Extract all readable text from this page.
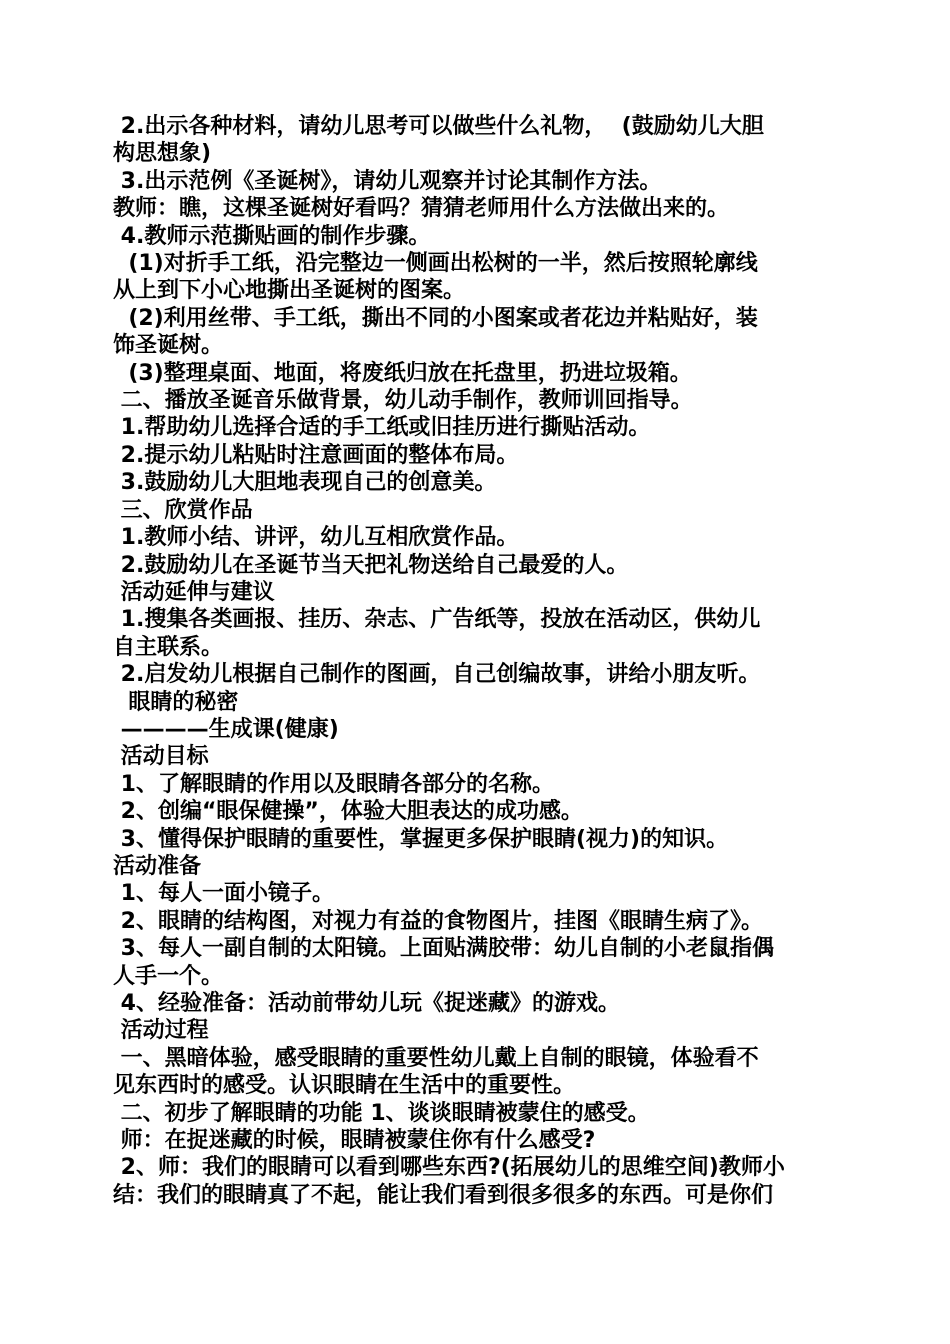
2.出示各种材料，请幼儿思考可以做些什么礼物，  (鼓励幼儿大胆
构思想象)
3.出示范例《圣诞树》，请幼儿观察并讨论其制作方法。
教师：瞧，这棵圣诞树好看吗？猜猜老师用什么方法做出来的。
4.教师示范撕贴画的制作步骤。
(1)对折手工纸，沿完整边一侧画出松树的一半，然后按照轮廓线
从上到下小心地撕出圣诞树的图案。
(2)利用丝带、手工纸，撕出不同的小图案或者花边并粘贴好，装
饰圣诞树。
(3)整理桌面、地面，将废纸归放在托盘里，扔进垃圾箱。
二、播放圣诞音乐做背景，幼儿动手制作，教师训回指导。
1.帮助幼儿选择合适的手工纸或旧挂历进行撕贴活动。
2.提示幼儿粘贴时注意画面的整体布局。
3.鼓励幼儿大胆地表现自己的创意美。
三、欣赏作品
1.教师小结、讲评，幼儿互相欣赏作品。
2.鼓励幼儿在圣诞节当天把礼物送给自己最爱的人。
活动延伸与建议
1.搜集各类画报、挂历、杂志、广告纸等，投放在活动区，供幼儿
自主联系。
2.启发幼儿根据自己制作的图画，自己创编故事，讲给小朋友听。
眼睛的秘密
————生成课(健康)
活动目标
1、了解眼睛的作用以及眼睛各部分的名称。
2、创编“眼保健操”，体验大胆表达的成功感。
3、懂得保护眼睛的重要性，掌握更多保护眼睛(视力)的知识。
活动准备
1、每人一面小镜子。
2、眼睛的结构图，对视力有益的食物图片，挂图《眼睛生病了》。
3、每人一副自制的太阳镜。上面贴满胶带：幼儿自制的小老鼠指偶
人手一个。
4、经验准备：活动前带幼儿玩《捉迷藏》的游戏。
活动过程
一、黑暗体验，感受眼睛的重要性幼儿戴上自制的眼镜，体验看不
见东西时的感受。认识眼睛在生活中的重要性。
二、初步了解眼睛的功能 1、谈谈眼睛被蒙住的感受。
师：在捉迷藏的时候，眼睛被蒙住你有什么感受?
2、师：我们的眼睛可以看到哪些东西?(拓展幼儿的思维空间)教师小
结：我们的眼睛真了不起，能让我们看到很多很多的东西。可是你们
